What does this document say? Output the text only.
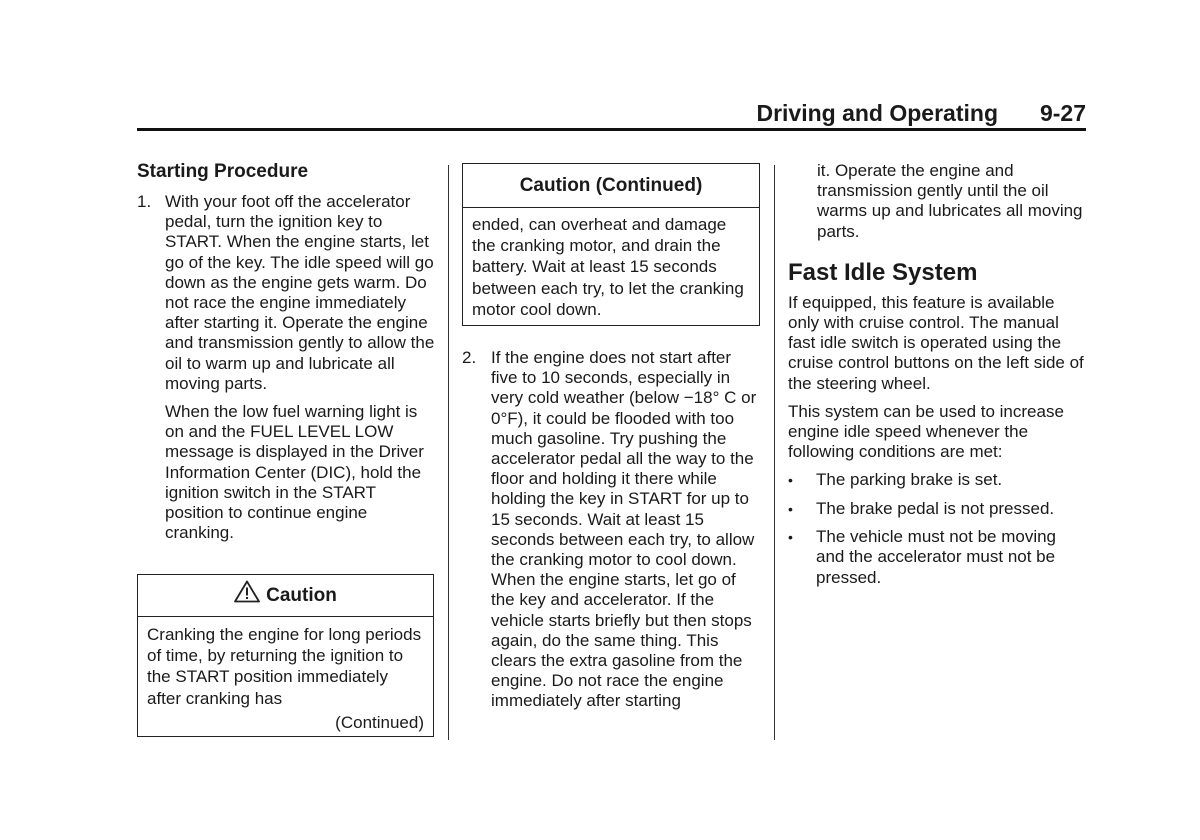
Driving and Operating 9-27
Starting Procedure
1. With your foot off the accelerator pedal, turn the ignition key to START. When the engine starts, let go of the key. The idle speed will go down as the engine gets warm. Do not race the engine immediately after starting it. Operate the engine and transmission gently to allow the oil to warm up and lubricate all moving parts.

When the low fuel warning light is on and the FUEL LEVEL LOW message is displayed in the Driver Information Center (DIC), hold the ignition switch in the START position to continue engine cranking.

Caution

Cranking the engine for long periods of time, by returning the ignition to the START position immediately after cranking has

(Continued)

Caution (Continued)

ended, can overheat and damage the cranking motor, and drain the battery. Wait at least 15 seconds between each try, to let the cranking motor cool down.

2. If the engine does not start after five to 10 seconds, especially in very cold weather (below −18° C or 0°F), it could be flooded with too much gasoline. Try pushing the accelerator pedal all the way to the floor and holding it there while holding the key in START for up to 15 seconds. Wait at least 15 seconds between each try, to allow the cranking motor to cool down. When the engine starts, let go of the key and accelerator. If the vehicle starts briefly but then stops again, do the same thing. This clears the extra gasoline from the engine. Do not race the engine immediately after starting

it. Operate the engine and transmission gently until the oil warms up and lubricates all moving parts.

Fast Idle System

If equipped, this feature is available only with cruise control. The manual fast idle switch is operated using the cruise control buttons on the left side of the steering wheel.

This system can be used to increase engine idle speed whenever the following conditions are met:

•	The parking brake is set.
•	The brake pedal is not pressed.
•	The vehicle must not be moving and the accelerator must not be pressed.
